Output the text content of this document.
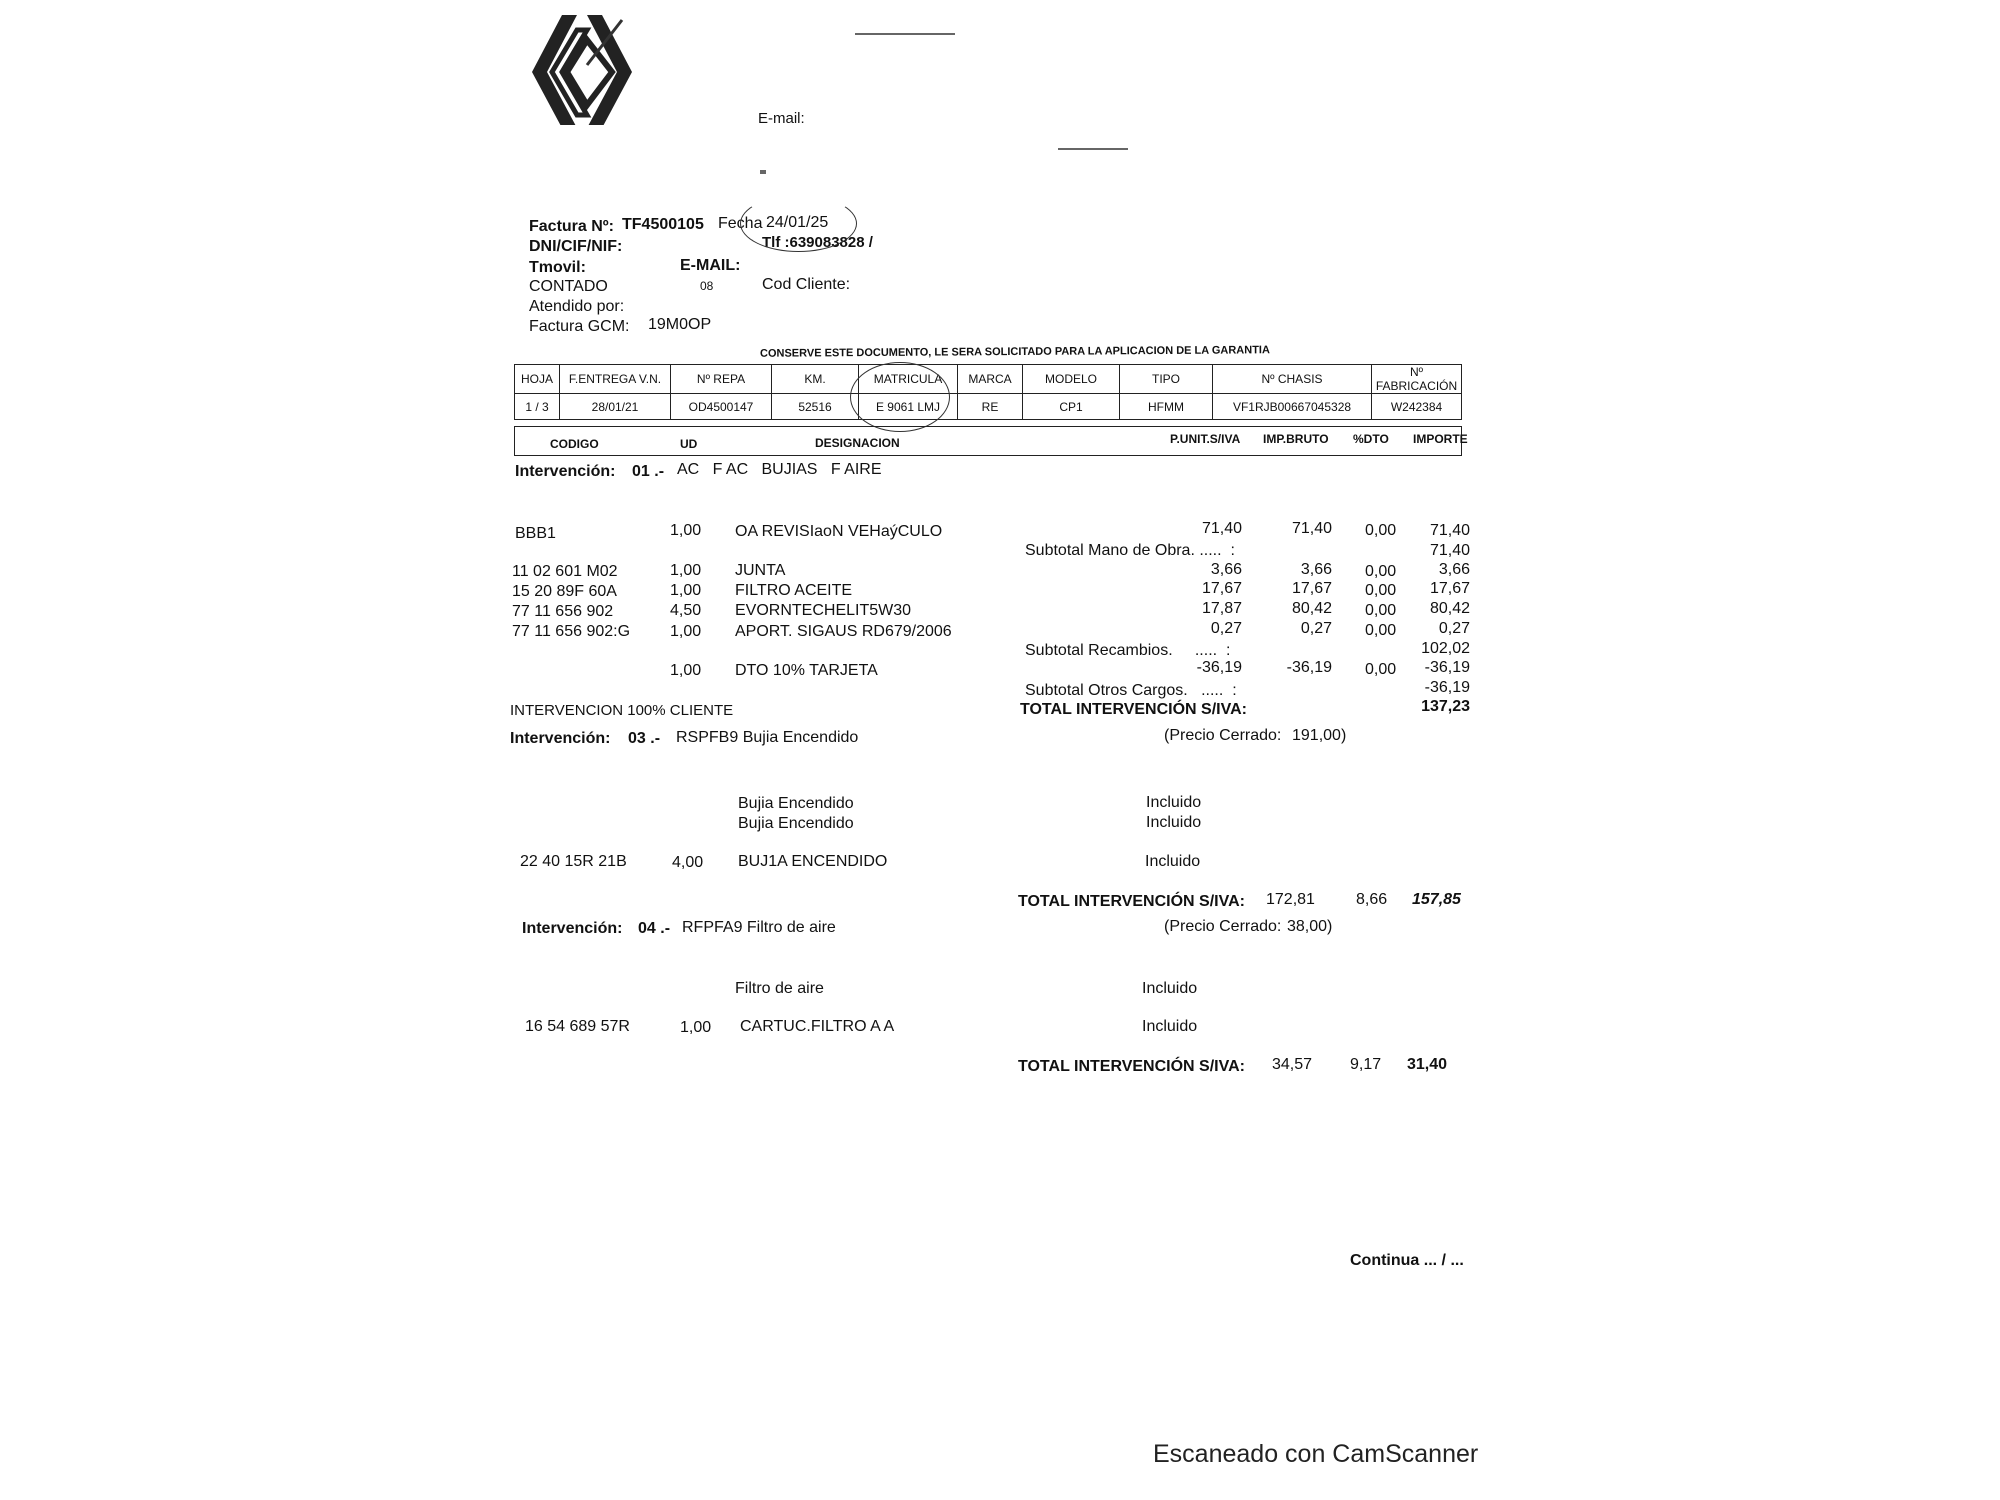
E-mail:
Factura Nº: TF4500105 Fecha 24/01/25
Tlf :639083828 /
DNI/CIF/NIF:
Tmovil:	E-MAIL:
CONTADO	08	Cod Cliente:
Atendido por:
Factura GCM: 19M0OP
CONSERVE ESTE DOCUMENTO, LE SERA SOLICITADO PARA LA APLICACION DE LA GARANTIA
HOJA	F.ENTREGA V.N.	Nº REPA	KM.	MATRICULA	MARCA	MODELO	TIPO	Nº CHASIS	Nº FABRICACIÓN
1 / 3	28/01/21	OD4500147	52516	E 9061 LMJ	RE	CP1	HFMM	VF1RJB00667045328	W242384
CODIGO	UD	DESIGNACION	P.UNIT.S/IVA IMP.BRUTO %DTO IMPORTE
Intervención: 01 .- AC   F AC   BUJIAS   F AIRE
BBB1	1,00 OA REVISIaoN VEHaýCULO	71,40	71,40 0,00	71,40
Subtotal Mano de Obra. .....  :	71,40
11 02 601 M02	1,00 JUNTA	3,66	3,66 0,00	3,66
15 20 89F 60A	1,00 FILTRO ACEITE	17,67	17,67 0,00	17,67
77 11 656 902	4,50 EVORNTECHELIT5W30	17,87	80,42 0,00	80,42
77 11 656 902:G 1,00 APORT. SIGAUS RD679/2006	0,27	0,27 0,00	0,27
Subtotal Recambios.     .....  :	102,02
1,00 DTO 10% TARJETA	-36,19	-36,19 0,00	-36,19
Subtotal Otros Cargos.   .....  :	-36,19
TOTAL INTERVENCIÓN S/IVA:	137,23
INTERVENCION 100% CLIENTE
Intervención: 03 .- RSPFB9 Bujia Encendido	(Precio Cerrado: 191,00)
Bujia Encendido	Incluido
Bujia Encendido	Incluido
22 40 15R 21B	4,00 BUJ1A ENCENDIDO	Incluido
TOTAL INTERVENCIÓN S/IVA: 172,81	8,66 157,85
Intervención: 04 .- RFPFA9 Filtro de aire	(Precio Cerrado: 38,00)
Filtro de aire	Incluido
16 54 689 57R	1,00 CARTUC.FILTRO A A	Incluido
TOTAL INTERVENCIÓN S/IVA: 34,57 9,17 31,40
Continua ... / ...
Escaneado con CamScanner
